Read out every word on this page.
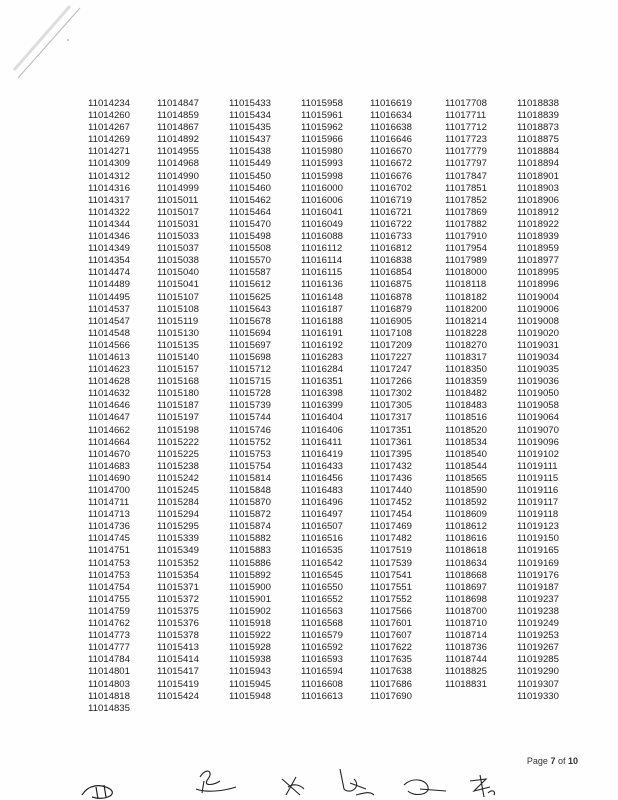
11014234
11014260
11014267
11014269
11014271
11014309
11014312
11014316
11014317
11014322
11014344
11014346
11014349
11014354
11014474
11014489
11014495
11014537
11014547
11014548
11014566
11014613
11014623
11014628
11014632
11014646
11014647
11014662
11014664
11014670
11014683
11014690
11014700
11014711
11014713
11014736
11014745
11014751
11014753
11014753
11014754
11014755
11014759
11014762
11014773
11014777
11014784
11014801
11014803
11014818
11014835
11014847
11014859
11014867
11014892
11014955
11014968
11014990
11014999
11015011
11015017
11015031
11015033
11015037
11015038
11015040
11015041
11015107
11015108
11015119
11015130
11015135
11015140
11015157
11015168
11015180
11015187
11015197
11015198
11015222
11015225
11015238
11015242
11015245
11015284
11015294
11015295
11015339
11015349
11015352
11015354
11015371
11015372
11015375
11015376
11015378
11015413
11015414
11015417
11015419
11015424
11015433
11015434
11015435
11015437
11015438
11015449
11015450
11015460
11015462
11015464
11015470
11015498
11015508
11015570
11015587
11015612
11015625
11015643
11015678
11015694
11015697
11015698
11015712
11015715
11015728
11015739
11015744
11015746
11015752
11015753
11015754
11015814
11015848
11015870
11015872
11015874
11015882
11015883
11015886
11015892
11015900
11015901
11015902
11015918
11015922
11015928
11015938
11015943
11015945
11015948
11015958
11015961
11015962
11015966
11015980
11015993
11015998
11016000
11016006
11016041
11016049
11016088
11016112
11016114
11016115
11016136
11016148
11016187
11016188
11016191
11016192
11016283
11016284
11016351
11016398
11016399
11016404
11016406
11016411
11016419
11016433
11016456
11016483
11016496
11016497
11016507
11016516
11016535
11016542
11016545
11016550
11016552
11016563
11016568
11016579
11016592
11016593
11016594
11016608
11016613
11016619
11016634
11016638
11016646
11016670
11016672
11016676
11016702
11016719
11016721
11016722
11016733
11016812
11016838
11016854
11016875
11016878
11016879
11016905
11017108
11017209
11017227
11017247
11017266
11017302
11017305
11017317
11017351
11017361
11017395
11017432
11017436
11017440
11017452
11017454
11017469
11017482
11017519
11017539
11017541
11017551
11017552
11017566
11017601
11017607
11017622
11017635
11017638
11017686
11017690
11017708
11017711
11017712
11017723
11017779
11017797
11017847
11017851
11017852
11017869
11017882
11017910
11017954
11017989
11018000
11018118
11018182
11018200
11018214
11018228
11018270
11018317
11018350
11018359
11018482
11018483
11018516
11018520
11018534
11018540
11018544
11018565
11018590
11018592
11018609
11018612
11018616
11018618
11018634
11018668
11018697
11018698
11018700
11018710
11018714
11018736
11018744
11018825
11018831
11018838
11018839
11018873
11018875
11018884
11018894
11018901
11018903
11018906
11018912
11018922
11018939
11018959
11018977
11018995
11018996
11019004
11019006
11019008
11019020
11019031
11019034
11019035
11019036
11019050
11019058
11019064
11019070
11019096
11019102
11019111
11019115
11019116
11019117
11019118
11019123
11019150
11019165
11019169
11019176
11019187
11019237
11019238
11019249
11019253
11019267
11019285
11019290
11019307
11019330
Page 7 of 10
